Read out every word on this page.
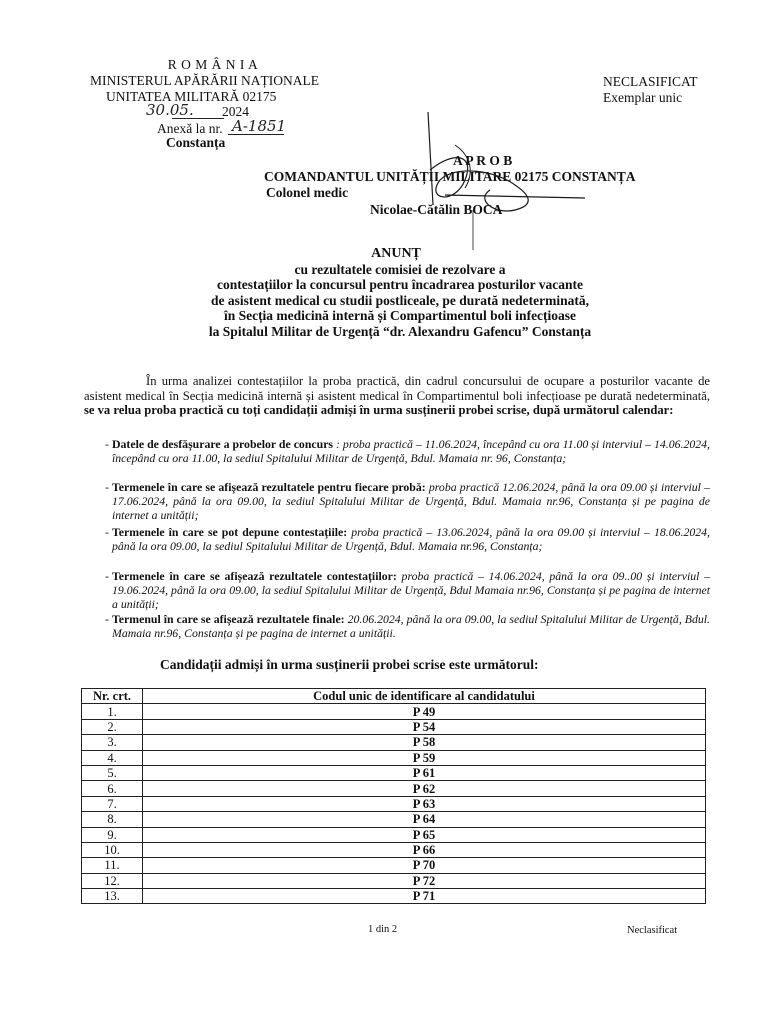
R O M Â N I A
MINISTERUL APĂRĂRII NAȚIONALE
UNITATEA MILITARĂ 02175
30.05. 2024
Anexă la nr. A-1851
Constanța
NECLASIFICAT
Exemplar unic
A P R O B
COMANDANTUL UNITĂȚII MILITARE 02175 CONSTANȚA
Colonel medic
Nicolae-Cătălin BOCA
ANUNȚ
cu rezultatele comisiei de rezolvare a
contestațiilor la concursul pentru încadrarea posturilor vacante
de asistent medical cu studii postliceale, pe durată nedeterminată,
în Secția medicină internă și Compartimentul boli infecțioase
la Spitalul Militar de Urgență “dr. Alexandru Gafencu” Constanța
În urma analizei contestațiilor la proba practică, din cadrul concursului de ocupare a posturilor vacante de asistent medical în Secția medicină internă și asistent medical în Compartimentul boli infecțioase pe durată nedeterminată, se va relua proba practică cu toți candidații admiși în urma susținerii probei scrise, după următorul calendar:
- Datele de desfășurare a probelor de concurs : proba practică – 11.06.2024, începând cu ora 11.00 și interviul – 14.06.2024, începând cu ora 11.00, la sediul Spitalului Militar de Urgență, Bdul. Mamaia nr. 96, Constanța;
- Termenele în care se afișează rezultatele pentru fiecare probă: proba practică 12.06.2024, până la ora 09.00 și interviul – 17.06.2024, până la ora 09.00, la sediul Spitalului Militar de Urgență, Bdul. Mamaia nr.96, Constanța și pe pagina de internet a unității;
- Termenele în care se pot depune contestațiile: proba practică – 13.06.2024, până la ora 09.00 și interviul – 18.06.2024, până la ora 09.00, la sediul Spitalului Militar de Urgență, Bdul. Mamaia nr.96, Constanța;
- Termenele în care se afișează rezultatele contestațiilor: proba practică – 14.06.2024, până la ora 09..00 și interviul – 19.06.2024, până la ora 09.00, la sediul Spitalului Militar de Urgență, Bdul Mamaia nr.96, Constanța și pe pagina de internet a unității;
- Termenul în care se afișează rezultatele finale: 20.06.2024, până la ora 09.00, la sediul Spitalului Militar de Urgență, Bdul. Mamaia nr.96, Constanța și pe pagina de internet a unității.
Candidații admiși în urma susținerii probei scrise este următorul:
Nr. crt.	Codul unic de identificare al candidatului
1.	P 49
2.	P 54
3.	P 58
4.	P 59
5.	P 61
6.	P 62
7.	P 63
8.	P 64
9.	P 65
10.	P 66
11.	P 70
12.	P 72
13.	P 71
1 din 2	Neclasificat
